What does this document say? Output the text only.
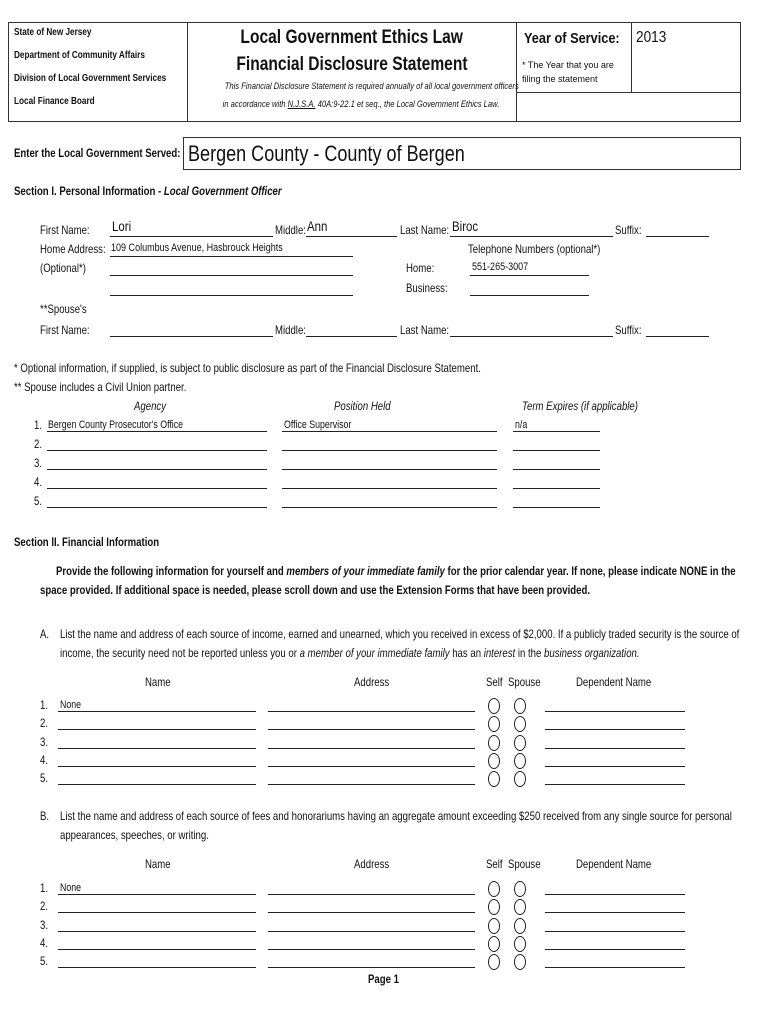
State of New Jersey
Department of Community Affairs
Division of Local Government Services
Local Finance Board
Local Government Ethics Law
Financial Disclosure Statement
This Financial Disclosure Statement is required annually of all local government officers
in accordance with N.J.S.A. 40A:9-22.1 et seq., the Local Government Ethics Law.
Year of Service:	2013
* The Year that you are filing the statement
Enter the Local Government Served: Bergen County - County of Bergen
Section I. Personal Information - Local Government Officer
First Name:	Lori	Middle: Ann	Last Name: Biroc	Suffix:
Home Address: 109 Columbus Avenue, Hasbrouck Heights
(Optional*)
Telephone Numbers (optional*)
Home:	551-265-3007
Business:
**Spouse's
First Name:	Middle:	Last Name:	Suffix:
* Optional information, if supplied, is subject to public disclosure as part of the Financial Disclosure Statement.
** Spouse includes a Civil Union partner.
Agency	Position Held	Term Expires (if applicable)
1. Bergen County Prosecutor's Office	Office Supervisor	n/a
2.
3.
4.
5.
Section II. Financial Information
Provide the following information for yourself and members of your immediate family for the prior calendar year. If none, please indicate NONE in the
space provided. If additional space is needed, please scroll down and use the Extension Forms that have been provided.
A. List the name and address of each source of income, earned and unearned, which you received in excess of $2,000. If a publicly traded security is the source of
income, the security need not be reported unless you or a member of your immediate family has an interest in the business organization.
Name	Address	Self Spouse	Dependent Name
1. None
2.
3.
4.
5.
B. List the name and address of each source of fees and honorariums having an aggregate amount exceeding $250 received from any single source for personal
appearances, speeches, or writing.
Name	Address	Self Spouse	Dependent Name
1. None
2.
3.
4.
5.
Page 1
